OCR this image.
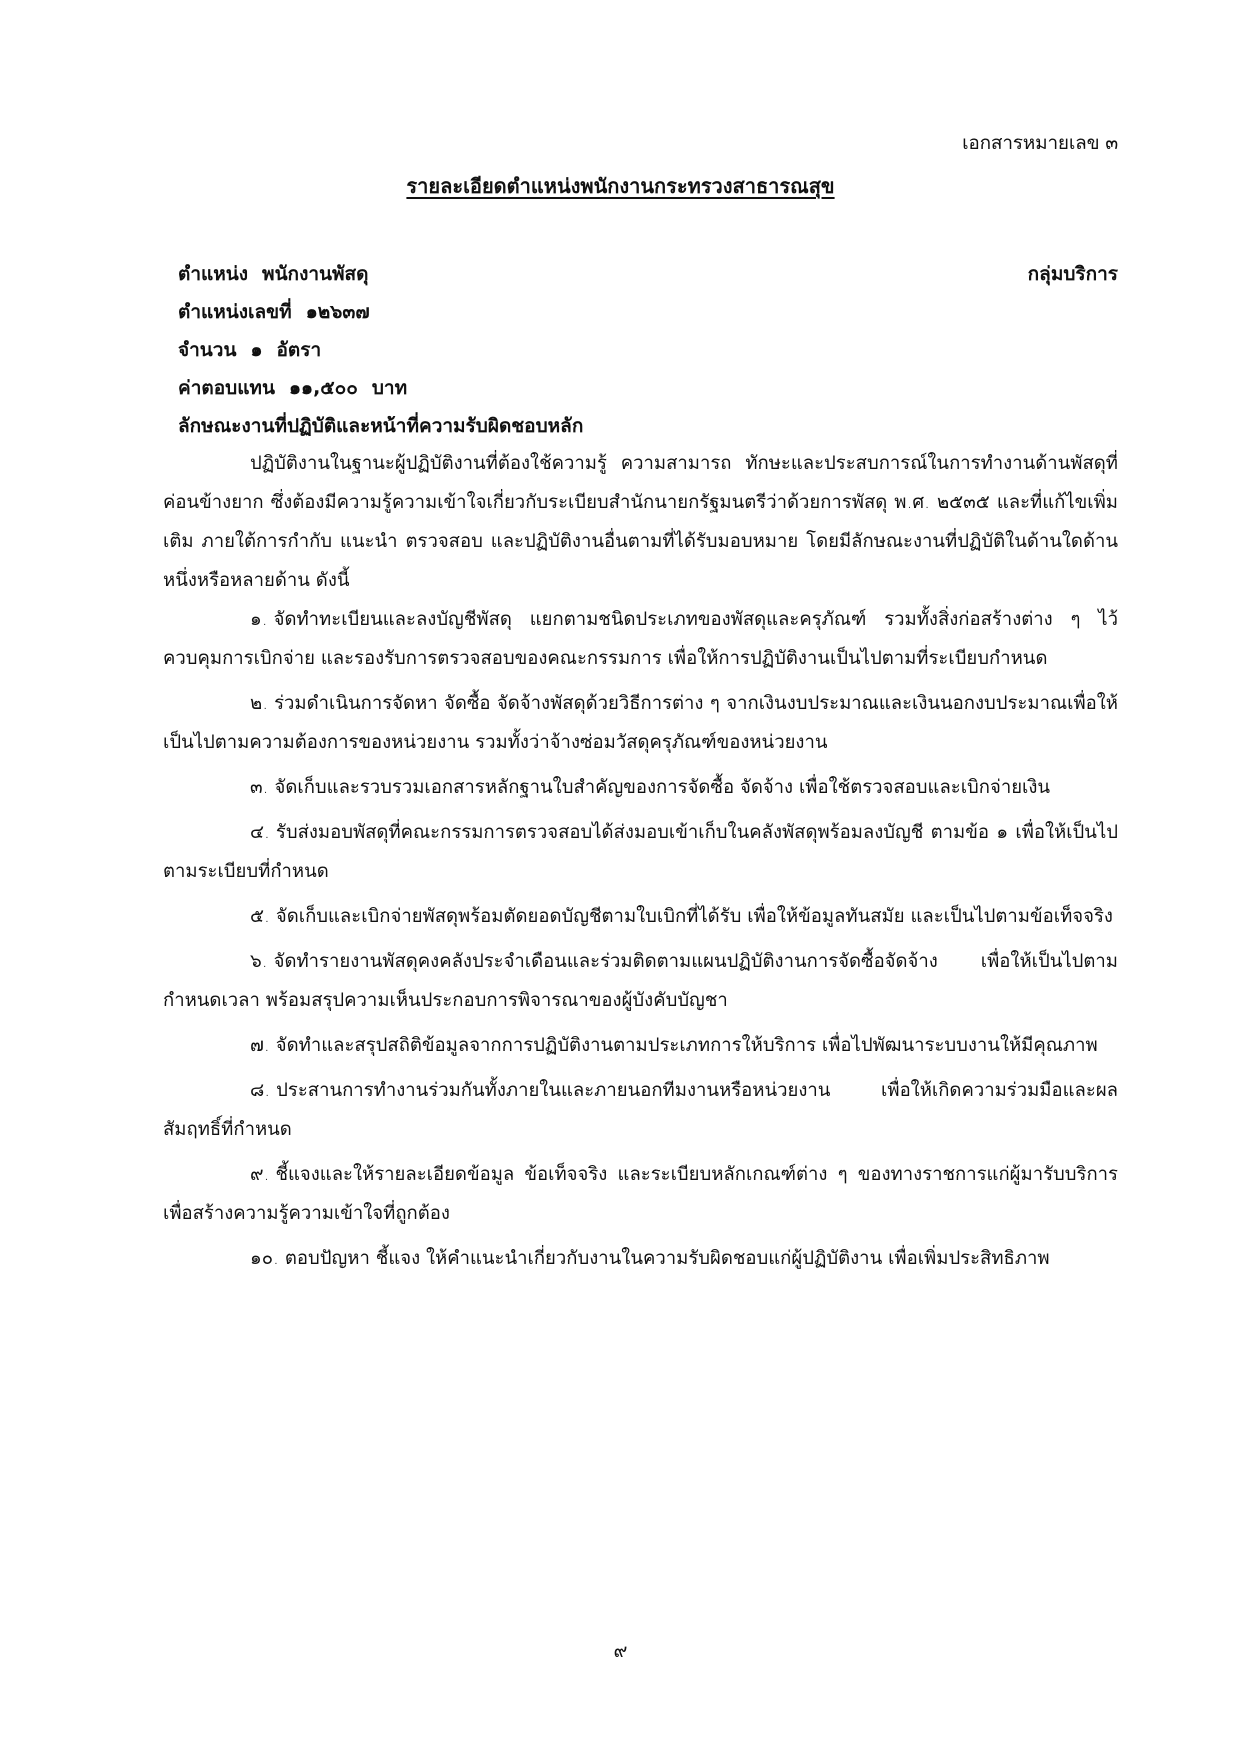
เอกสารหมายเลข ๓
รายละเอียดตำแหน่งพนักงานกระทรวงสาธารณสุข
ตำแหน่ง พนักงานพัสดุ	กลุ่มบริการ
ตำแหน่งเลขที่ ๑๒๖๓๗
จำนวน ๑ อัตรา
ค่าตอบแทน ๑๑,๕๐๐ บาท
ลักษณะงานที่ปฏิบัติและหน้าที่ความรับผิดชอบหลัก

ปฏิบัติงานในฐานะผู้ปฏิบัติงานที่ต้องใช้ความรู้ ความสามารถ ทักษะและประสบการณ์ในการทำงานด้านพัสดุที่ค่อนข้างยาก ซึ่งต้องมีความรู้ความเข้าใจเกี่ยวกับระเบียบสำนักนายกรัฐมนตรีว่าด้วยการพัสดุ พ.ศ. ๒๕๓๕ และที่แก้ไขเพิ่มเติม ภายใต้การกำกับ แนะนำ ตรวจสอบ และปฏิบัติงานอื่นตามที่ได้รับมอบหมาย โดยมีลักษณะงานที่ปฏิบัติในด้านใดด้านหนึ่งหรือหลายด้าน ดังนี้

๑. จัดทำทะเบียนและลงบัญชีพัสดุ แยกตามชนิดประเภทของพัสดุและครุภัณฑ์ รวมทั้งสิ่งก่อสร้างต่าง ๆ ไว้ควบคุมการเบิกจ่าย และรองรับการตรวจสอบของคณะกรรมการ เพื่อให้การปฏิบัติงานเป็นไปตามที่ระเบียบกำหนด

๒. ร่วมดำเนินการจัดหา จัดซื้อ จัดจ้างพัสดุด้วยวิธีการต่าง ๆ จากเงินงบประมาณและเงินนอกงบประมาณเพื่อให้เป็นไปตามความต้องการของหน่วยงาน รวมทั้งว่าจ้างซ่อมวัสดุครุภัณฑ์ของหน่วยงาน

๓. จัดเก็บและรวบรวมเอกสารหลักฐานใบสำคัญของการจัดซื้อ จัดจ้าง เพื่อใช้ตรวจสอบและเบิกจ่ายเงิน

๔. รับส่งมอบพัสดุที่คณะกรรมการตรวจสอบได้ส่งมอบเข้าเก็บในคลังพัสดุพร้อมลงบัญชี ตามข้อ ๑ เพื่อให้เป็นไปตามระเบียบที่กำหนด

๕. จัดเก็บและเบิกจ่ายพัสดุพร้อมตัดยอดบัญชีตามใบเบิกที่ได้รับ เพื่อให้ข้อมูลทันสมัย และเป็นไปตามข้อเท็จจริง

๖. จัดทำรายงานพัสดุคงคลังประจำเดือนและร่วมติดตามแผนปฏิบัติงานการจัดซื้อจัดจ้าง เพื่อให้เป็นไปตามกำหนดเวลา พร้อมสรุปความเห็นประกอบการพิจารณาของผู้บังคับบัญชา

๗. จัดทำและสรุปสถิติข้อมูลจากการปฏิบัติงานตามประเภทการให้บริการ เพื่อไปพัฒนาระบบงานให้มีคุณภาพ

๘. ประสานการทำงานร่วมกันทั้งภายในและภายนอกทีมงานหรือหน่วยงาน เพื่อให้เกิดความร่วมมือและผลสัมฤทธิ์ที่กำหนด

๙. ชี้แจงและให้รายละเอียดข้อมูล ข้อเท็จจริง และระเบียบหลักเกณฑ์ต่าง ๆ ของทางราชการแก่ผู้มารับบริการ เพื่อสร้างความรู้ความเข้าใจที่ถูกต้อง

๑๐. ตอบปัญหา ชี้แจง ให้คำแนะนำเกี่ยวกับงานในความรับผิดชอบแก่ผู้ปฏิบัติงาน เพื่อเพิ่มประสิทธิภาพ

๙
